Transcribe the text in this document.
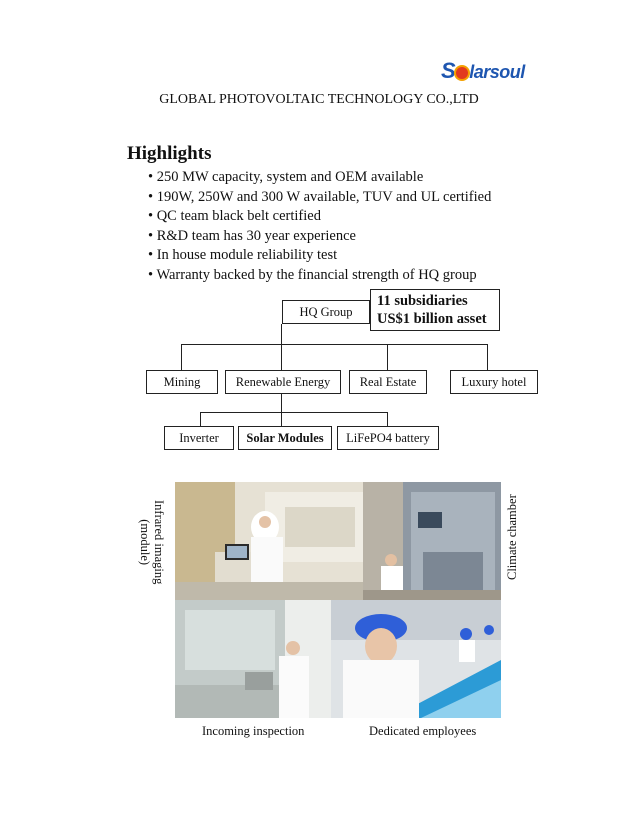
S larsoul
GLOBAL PHOTOVOLTAIC TECHNOLOGY CO.,LTD
Highlights
• 250 MW capacity, system and OEM available
• 190W, 250W and 300 W available, TUV and UL certified
• QC team black belt certified
• R&D team has 30 year experience
• In house module reliability test
• Warranty backed by the financial strength of HQ group
HQ Group
11 subsidiaries
US$1 billion asset
Mining	Renewable Energy	Real Estate	Luxury hotel
Inverter	Solar Modules	LiFePO4 battery
Infrared imaging
(module)	Climate chamber
Incoming inspection	Dedicated employees
